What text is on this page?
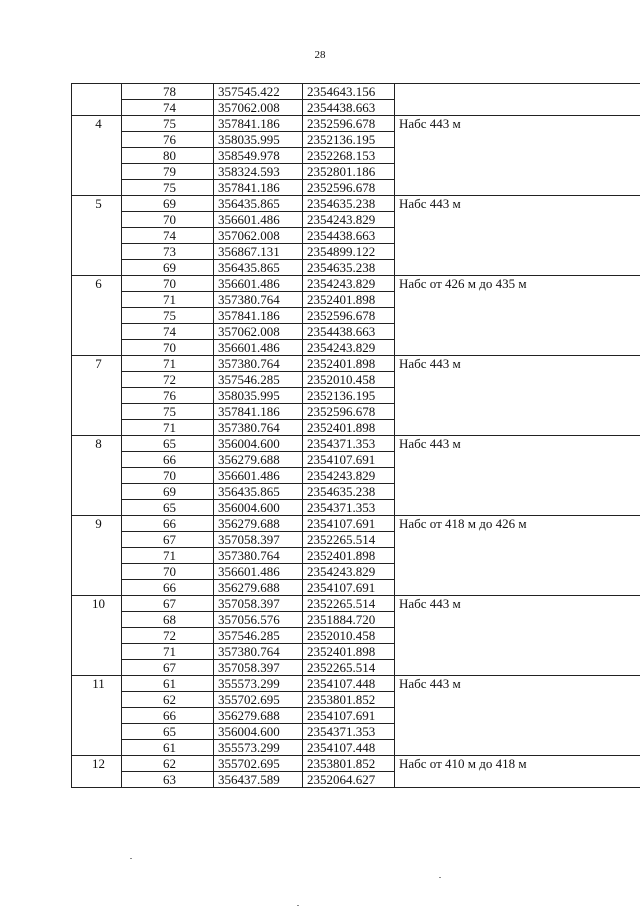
28
	78	357545.422	2354643.156	
	74	357062.008	2354438.663	
4	75	357841.186	2352596.678	Набс 443 м
	76	358035.995	2352136.195	
	80	358549.978	2352268.153	
	79	358324.593	2352801.186	
	75	357841.186	2352596.678	
5	69	356435.865	2354635.238	Набс 443 м
	70	356601.486	2354243.829	
	74	357062.008	2354438.663	
	73	356867.131	2354899.122	
	69	356435.865	2354635.238	
6	70	356601.486	2354243.829	Набс от 426 м до 435 м
	71	357380.764	2352401.898	
	75	357841.186	2352596.678	
	74	357062.008	2354438.663	
	70	356601.486	2354243.829	
7	71	357380.764	2352401.898	Набс 443 м
	72	357546.285	2352010.458	
	76	358035.995	2352136.195	
	75	357841.186	2352596.678	
	71	357380.764	2352401.898	
8	65	356004.600	2354371.353	Набс 443 м
	66	356279.688	2354107.691	
	70	356601.486	2354243.829	
	69	356435.865	2354635.238	
	65	356004.600	2354371.353	
9	66	356279.688	2354107.691	Набс от 418 м до 426 м
	67	357058.397	2352265.514	
	71	357380.764	2352401.898	
	70	356601.486	2354243.829	
	66	356279.688	2354107.691	
10	67	357058.397	2352265.514	Набс 443 м
	68	357056.576	2351884.720	
	72	357546.285	2352010.458	
	71	357380.764	2352401.898	
	67	357058.397	2352265.514	
11	61	355573.299	2354107.448	Набс 443 м
	62	355702.695	2353801.852	
	66	356279.688	2354107.691	
	65	356004.600	2354371.353	
	61	355573.299	2354107.448	
12	62	355702.695	2353801.852	Набс от 410 м до 418 м
	63	356437.589	2352064.627	
